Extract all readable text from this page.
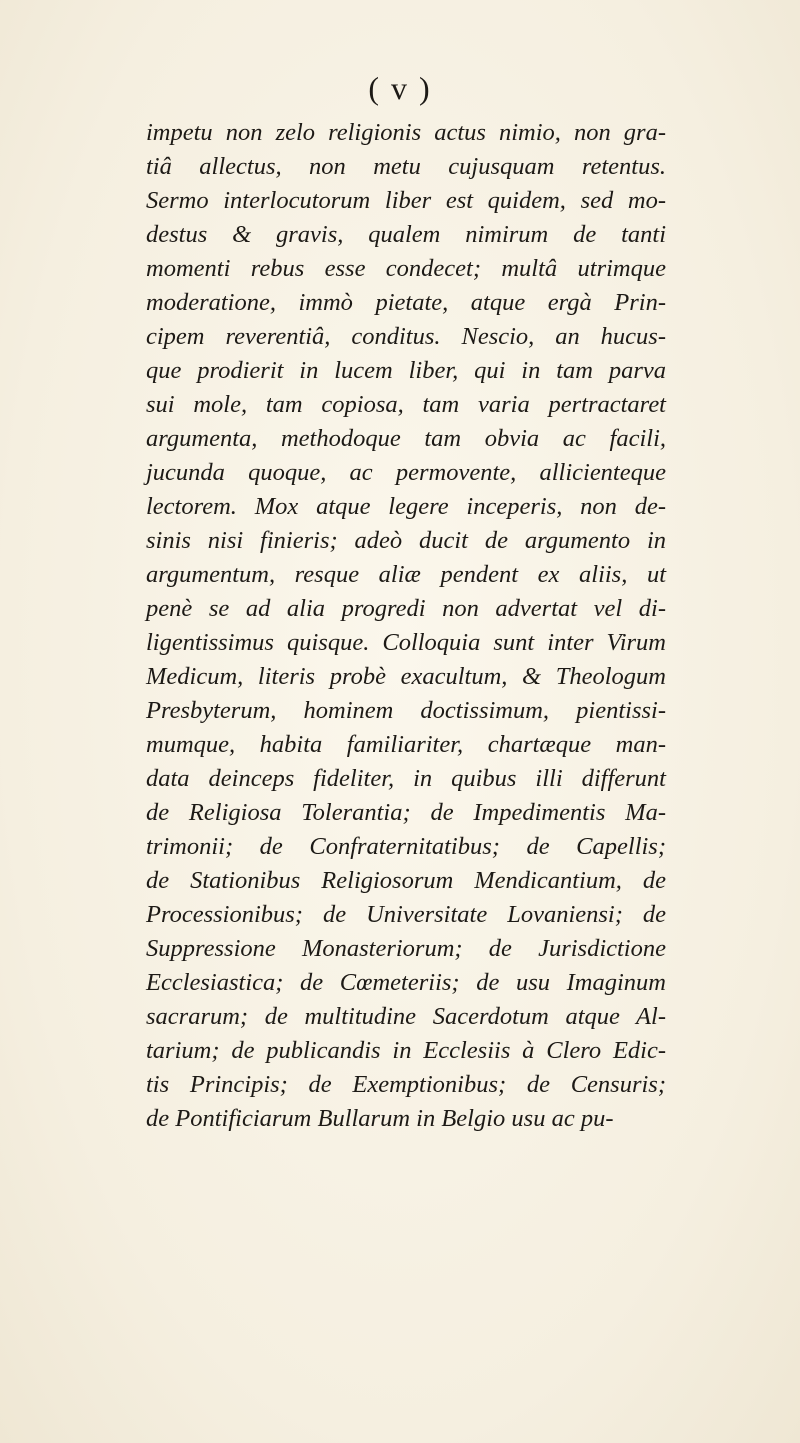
( v )
impetu non zelo religionis actus nimio, non gra-
tiâ allectus, non metu cujusquam retentus.
Sermo interlocutorum liber est quidem, sed mo-
destus & gravis, qualem nimirum de tanti
momenti rebus esse condecet; multâ utrimque
moderatione, immò pietate, atque ergà Prin-
cipem reverentiâ, conditus. Nescio, an hucus-
que prodierit in lucem liber, qui in tam parva
sui mole, tam copiosa, tam varia pertractaret
argumenta, methodoque tam obvia ac facili,
jucunda quoque, ac permovente, allicienteque
lectorem. Mox atque legere inceperis, non de-
sinis nisi finieris; adeò ducit de argumento in
argumentum, resque aliæ pendent ex aliis, ut
penè se ad alia progredi non advertat vel di-
ligentissimus quisque. Colloquia sunt inter Virum
Medicum, literis probè exacultum, & Theologum
Presbyterum, hominem doctissimum, pientissi-
mumque, habita familiariter, chartæque man-
data deinceps fideliter, in quibus illi differunt
de Religiosa Tolerantia; de Impedimentis Ma-
trimonii; de Confraternitatibus; de Capellis;
de Stationibus Religiosorum Mendicantium, de
Processionibus; de Universitate Lovaniensi; de
Suppressione Monasteriorum; de Jurisdictione
Ecclesiastica; de Cœmeteriis; de usu Imaginum
sacrarum; de multitudine Sacerdotum atque Al-
tarium; de publicandis in Ecclesiis à Clero Edic-
tis Principis; de Exemptionibus; de Censuris;
de Pontificiarum Bullarum in Belgio usu ac pu-
